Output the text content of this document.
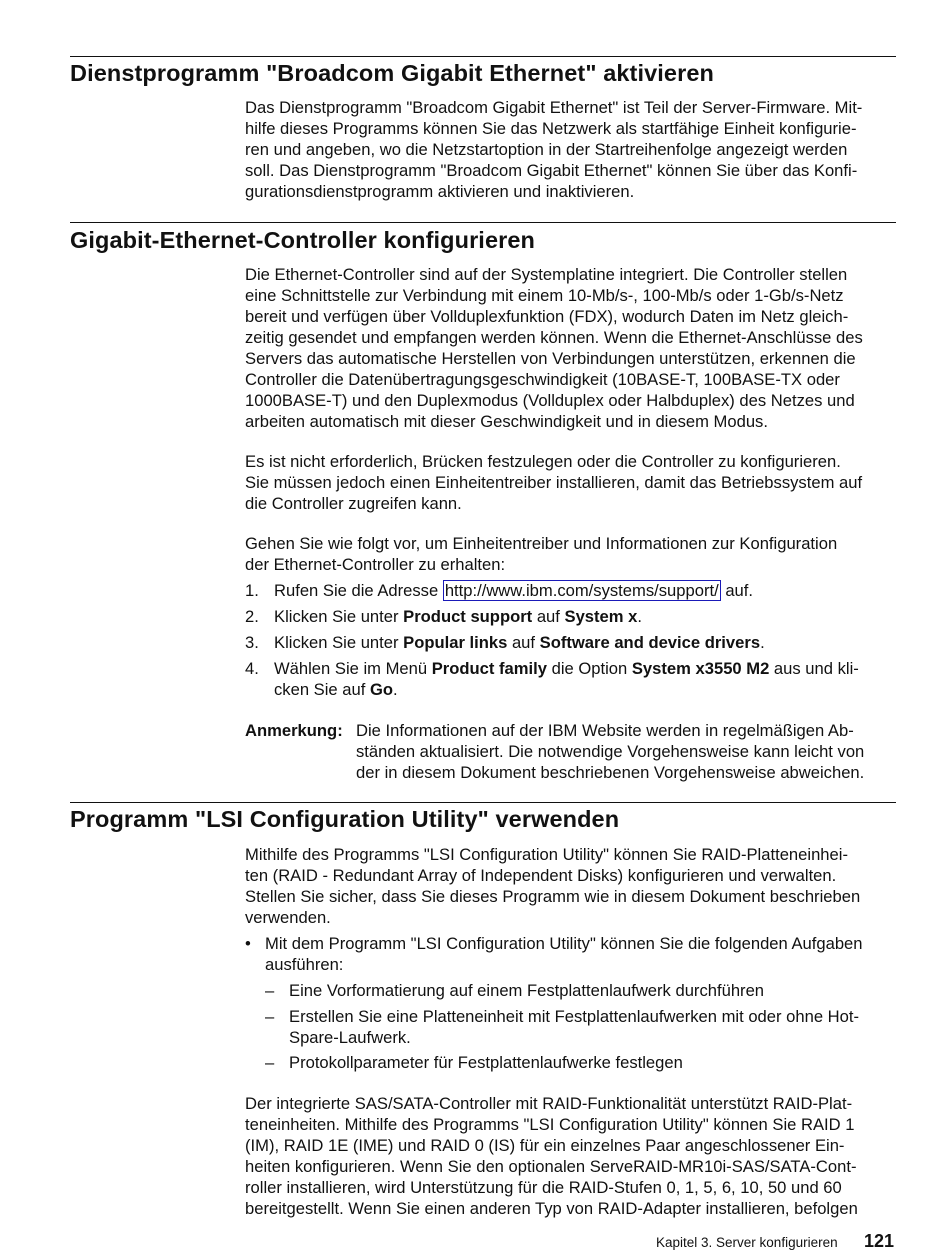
Dienstprogramm "Broadcom Gigabit Ethernet" aktivieren
Das Dienstprogramm "Broadcom Gigabit Ethernet" ist Teil der Server-Firmware. Mit-
hilfe dieses Programms können Sie das Netzwerk als startfähige Einheit konfigurie-
ren und angeben, wo die Netzstartoption in der Startreihenfolge angezeigt werden
soll. Das Dienstprogramm "Broadcom Gigabit Ethernet" können Sie über das Konfi-
gurationsdienstprogramm aktivieren und inaktivieren.
Gigabit-Ethernet-Controller konfigurieren
Die Ethernet-Controller sind auf der Systemplatine integriert. Die Controller stellen
eine Schnittstelle zur Verbindung mit einem 10-Mb/s-, 100-Mb/s oder 1-Gb/s-Netz
bereit und verfügen über Vollduplexfunktion (FDX), wodurch Daten im Netz gleich-
zeitig gesendet und empfangen werden können. Wenn die Ethernet-Anschlüsse des
Servers das automatische Herstellen von Verbindungen unterstützen, erkennen die
Controller die Datenübertragungsgeschwindigkeit (10BASE-T, 100BASE-TX oder
1000BASE-T) und den Duplexmodus (Vollduplex oder Halbduplex) des Netzes und
arbeiten automatisch mit dieser Geschwindigkeit und in diesem Modus.
Es ist nicht erforderlich, Brücken festzulegen oder die Controller zu konfigurieren.
Sie müssen jedoch einen Einheitentreiber installieren, damit das Betriebssystem auf
die Controller zugreifen kann.
Gehen Sie wie folgt vor, um Einheitentreiber und Informationen zur Konfiguration
der Ethernet-Controller zu erhalten:
1. Rufen Sie die Adresse http://www.ibm.com/systems/support/ auf.
2. Klicken Sie unter Product support auf System x.
3. Klicken Sie unter Popular links auf Software and device drivers.
4. Wählen Sie im Menü Product family die Option System x3550 M2 aus und kli-
cken Sie auf Go.
Anmerkung: Die Informationen auf der IBM Website werden in regelmäßigen Ab-
ständen aktualisiert. Die notwendige Vorgehensweise kann leicht von
der in diesem Dokument beschriebenen Vorgehensweise abweichen.
Programm "LSI Configuration Utility" verwenden
Mithilfe des Programms "LSI Configuration Utility" können Sie RAID-Platteneinhei-
ten (RAID - Redundant Array of Independent Disks) konfigurieren und verwalten.
Stellen Sie sicher, dass Sie dieses Programm wie in diesem Dokument beschrieben
verwenden.
• Mit dem Programm "LSI Configuration Utility" können Sie die folgenden Aufgaben
ausführen:
– Eine Vorformatierung auf einem Festplattenlaufwerk durchführen
– Erstellen Sie eine Platteneinheit mit Festplattenlaufwerken mit oder ohne Hot-
Spare-Laufwerk.
– Protokollparameter für Festplattenlaufwerke festlegen
Der integrierte SAS/SATA-Controller mit RAID-Funktionalität unterstützt RAID-Plat-
teneinheiten. Mithilfe des Programms "LSI Configuration Utility" können Sie RAID 1
(IM), RAID 1E (IME) und RAID 0 (IS) für ein einzelnes Paar angeschlossener Ein-
heiten konfigurieren. Wenn Sie den optionalen ServeRAID-MR10i-SAS/SATA-Cont-
roller installieren, wird Unterstützung für die RAID-Stufen 0, 1, 5, 6, 10, 50 und 60
bereitgestellt. Wenn Sie einen anderen Typ von RAID-Adapter installieren, befolgen
Kapitel 3. Server konfigurieren 121
